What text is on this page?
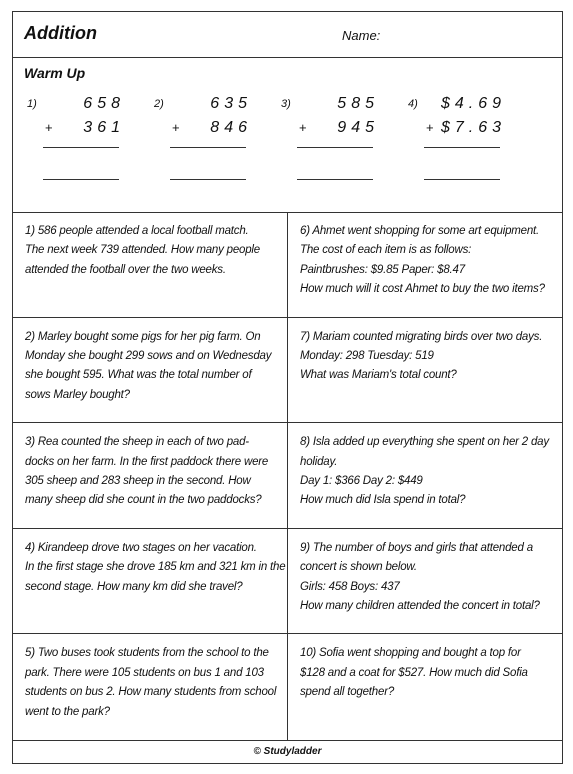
Addition	Name:
Warm Up
1)	658
+ 361
2)	635
+ 846
3)	585
+ 945
4) $4.69
+ $7.63
1) 586 people attended a local football match.
The next week 739 attended. How many people
attended the football over the two weeks.
6) Ahmet went shopping for some art equipment.
The cost of each item is as follows:
Paintbrushes: $9.85 Paper: $8.47
How much will it cost Ahmet to buy the two items?
2) Marley bought some pigs for her pig farm. On
Monday she bought 299 sows and on Wednesday
she bought 595. What was the total number of
sows Marley bought?
7) Mariam counted migrating birds over two days.
Monday: 298 Tuesday: 519
What was Mariam's total count?
3) Rea counted the sheep in each of two pad-
docks on her farm. In the first paddock there were
305 sheep and 283 sheep in the second. How
many sheep did she count in the two paddocks?
8) Isla added up everything she spent on her 2 day
holiday.
Day 1: $366 Day 2: $449
How much did Isla spend in total?
4) Kirandeep drove two stages on her vacation.
In the first stage she drove 185 km and 321 km in the
second stage. How many km did she travel?
9) The number of boys and girls that attended a
concert is shown below.
Girls: 458 Boys: 437
How many children attended the concert in total?
5) Two buses took students from the school to the
park. There were 105 students on bus 1 and 103
students on bus 2. How many students from school
went to the park?
10) Sofia went shopping and bought a top for
$128 and a coat for $527. How much did Sofia
spend all together?
© Studyladder
